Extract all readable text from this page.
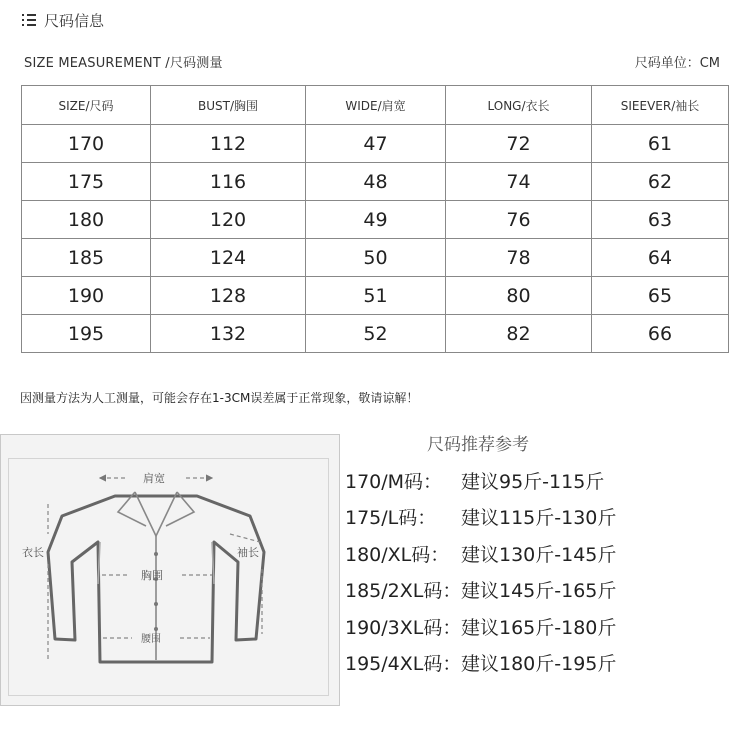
尺码信息
SIZE MEASUREMENT /尺码测量	尺码单位：CM
SIZE/尺码	BUST/胸围	WIDE/肩宽	LONG/衣长	SIEEVER/袖长
170	112	47	72	61
175	116	48	74	62
180	120	49	76	63
185	124	50	78	64
190	128	51	80	65
195	132	52	82	66
因测量方法为人工测量，可能会存在1-3CM误差属于正常现象，敬请谅解！
肩宽
衣长	袖长
胸围
腰围
尺码推荐参考
170/M码： 建议95斤-115斤
175/L码：	建议115斤-130斤
180/XL码： 建议130斤-145斤
185/2XL码： 建议145斤-165斤
190/3XL码： 建议165斤-180斤
195/4XL码： 建议180斤-195斤
